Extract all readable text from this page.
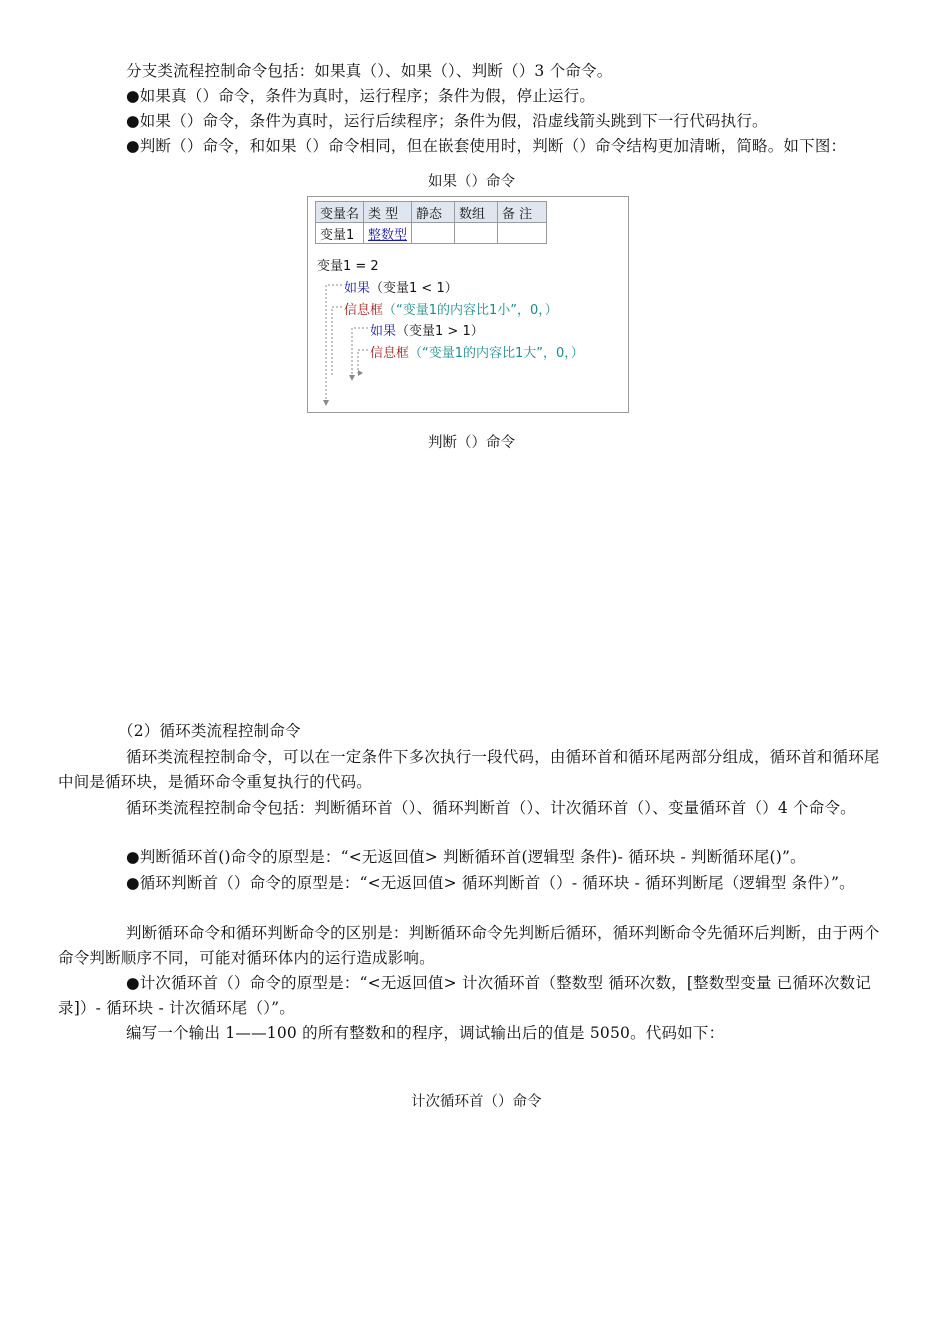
分支类流程控制命令包括：如果真（）、如果（）、判断（）3 个命令。
●如果真（）命令，条件为真时，运行程序；条件为假，停止运行。
●如果（）命令，条件为真时，运行后续程序；条件为假，沿虚线箭头跳到下一行代码执行。
●判断（）命令，和如果（）命令相同，但在嵌套使用时，判断（）命令结构更加清晰，简略。如下图：
如果（）命令
变量名	类 型	静态	数组	备 注
变量1	整数型			
变量1 = 2
如果（变量1 < 1）
信息框（“变量1的内容比1小”，0，）
如果（变量1 > 1）
信息框（“变量1的内容比1大”，0，）
判断（）命令
（2）循环类流程控制命令
循环类流程控制命令，可以在一定条件下多次执行一段代码，由循环首和循环尾两部分组成，循环首和循环尾中间是循环块，是循环命令重复执行的代码。
循环类流程控制命令包括：判断循环首（）、循环判断首（）、计次循环首（）、变量循环首（）4 个命令。
●判断循环首()命令的原型是：“<无返回值> 判断循环首(逻辑型 条件)- 循环块 - 判断循环尾()”。
●循环判断首（）命令的原型是：“<无返回值> 循环判断首（）- 循环块 - 循环判断尾（逻辑型 条件）”。
判断循环命令和循环判断命令的区别是：判断循环命令先判断后循环，循环判断命令先循环后判断，由于两个命令判断顺序不同，可能对循环体内的运行造成影响。
●计次循环首（）命令的原型是：“<无返回值> 计次循环首（整数型 循环次数，[整数型变量 已循环次数记录]）- 循环块 - 计次循环尾（）”。
编写一个输出 1——100 的所有整数和的程序，调试输出后的值是 5050。代码如下：
计次循环首（）命令
